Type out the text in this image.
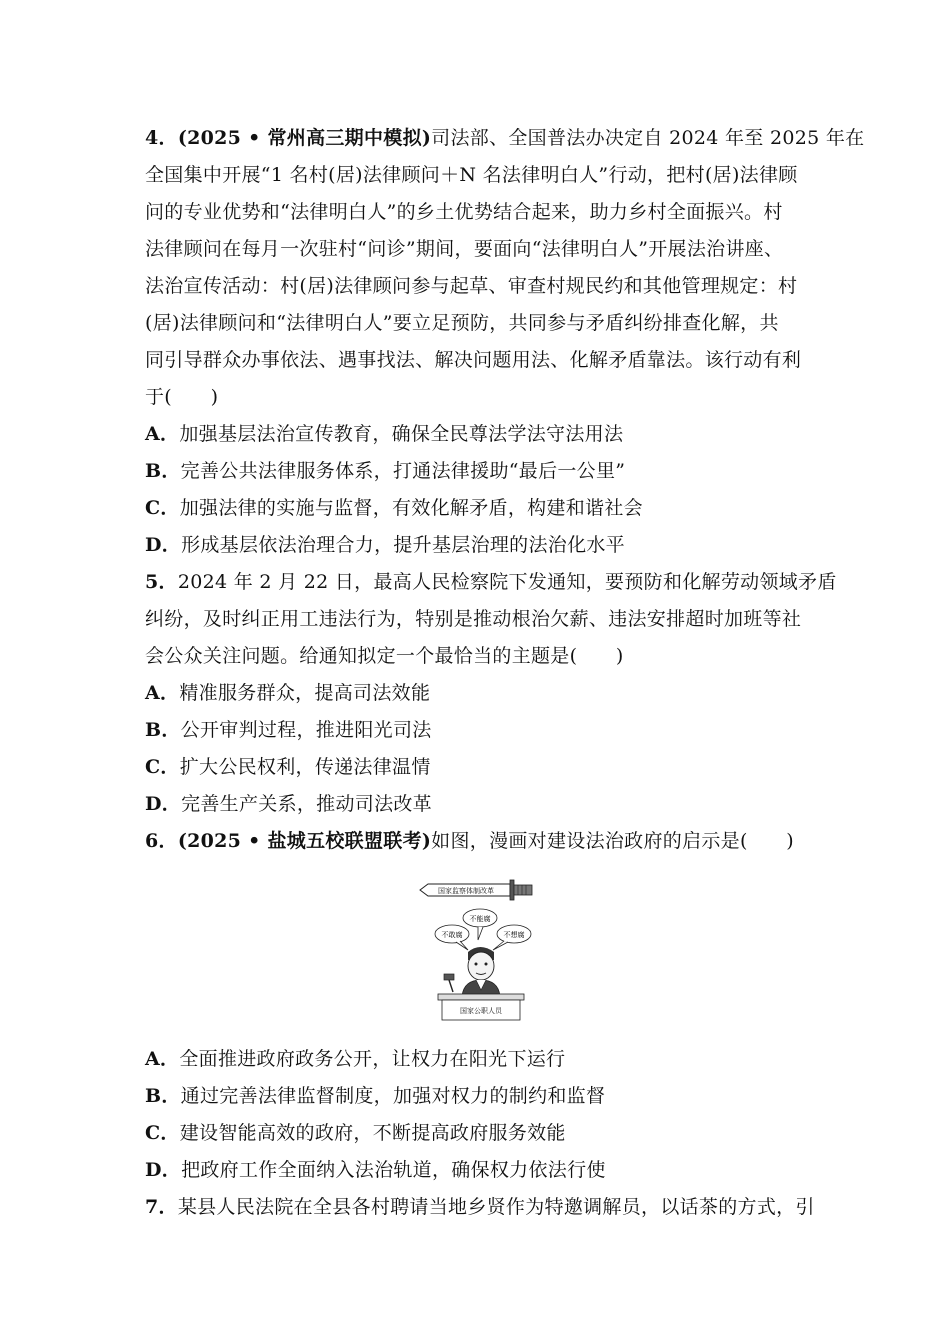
4．(2025 • 常州高三期中模拟)司法部、全国普法办决定自 2024 年至 2025 年在
全国集中开展“1 名村(居)法律顾问＋N 名法律明白人”行动，把村(居)法律顾
问的专业优势和“法律明白人”的乡土优势结合起来，助力乡村全面振兴。村
法律顾问在每月一次驻村“问诊”期间，要面向“法律明白人”开展法治讲座、
法治宣传活动：村(居)法律顾问参与起草、审查村规民约和其他管理规定：村
(居)法律顾问和“法律明白人”要立足预防，共同参与矛盾纠纷排查化解，共
同引导群众办事依法、遇事找法、解决问题用法、化解矛盾靠法。该行动有利
于(　　)
A．加强基层法治宣传教育，确保全民尊法学法守法用法
B．完善公共法律服务体系，打通法律援助“最后一公里”
C．加强法律的实施与监督，有效化解矛盾，构建和谐社会
D．形成基层依法治理合力，提升基层治理的法治化水平
5．2024 年 2 月 22 日，最高人民检察院下发通知，要预防和化解劳动领域矛盾
纠纷，及时纠正用工违法行为，特别是推动根治欠薪、违法安排超时加班等社
会公众关注问题。给通知拟定一个最恰当的主题是(　　)
A．精准服务群众，提高司法效能
B．公开审判过程，推进阳光司法
C．扩大公民权利，传递法律温情
D．完善生产关系，推动司法改革
6．(2025 • 盐城五校联盟联考)如图，漫画对建设法治政府的启示是(　　)
国家监察体制改革
不敢腐
不能腐
不想腐
国家公职人员
A．全面推进政府政务公开，让权力在阳光下运行
B．通过完善法律监督制度，加强对权力的制约和监督
C．建设智能高效的政府，不断提高政府服务效能
D．把政府工作全面纳入法治轨道，确保权力依法行使
7．某县人民法院在全县各村聘请当地乡贤作为特邀调解员，以话茶的方式，引
